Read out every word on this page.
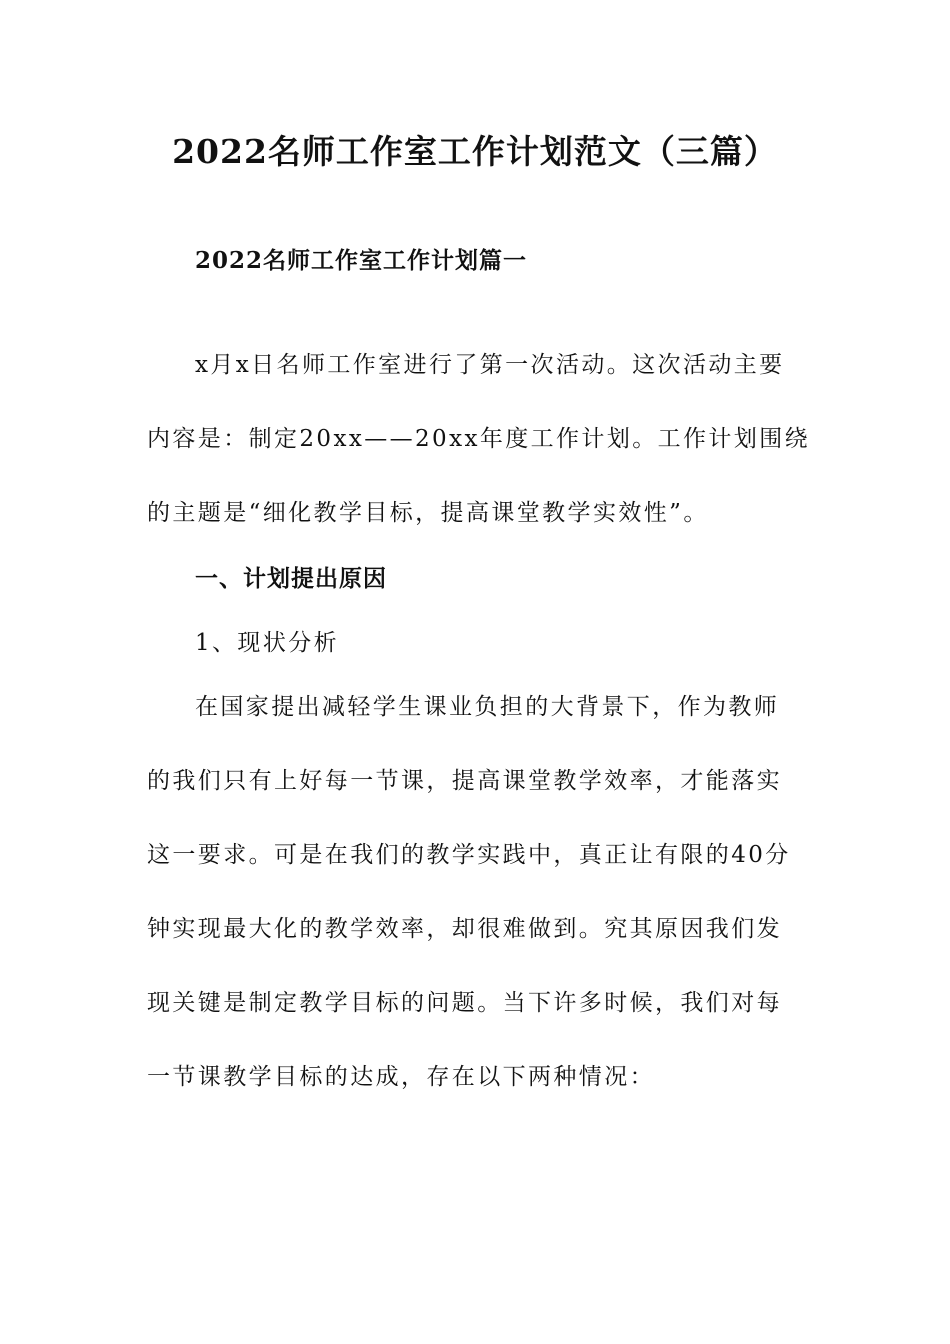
2022名师工作室工作计划范文（三篇）
2022名师工作室工作计划篇一
x月x日名师工作室进行了第一次活动。这次活动主要
内容是：制定20xx——20xx年度工作计划。工作计划围绕
的主题是“细化教学目标，提高课堂教学实效性”。
一、计划提出原因
1、现状分析
在国家提出减轻学生课业负担的大背景下，作为教师
的我们只有上好每一节课，提高课堂教学效率，才能落实
这一要求。可是在我们的教学实践中，真正让有限的40分
钟实现最大化的教学效率，却很难做到。究其原因我们发
现关键是制定教学目标的问题。当下许多时候，我们对每
一节课教学目标的达成，存在以下两种情况：
